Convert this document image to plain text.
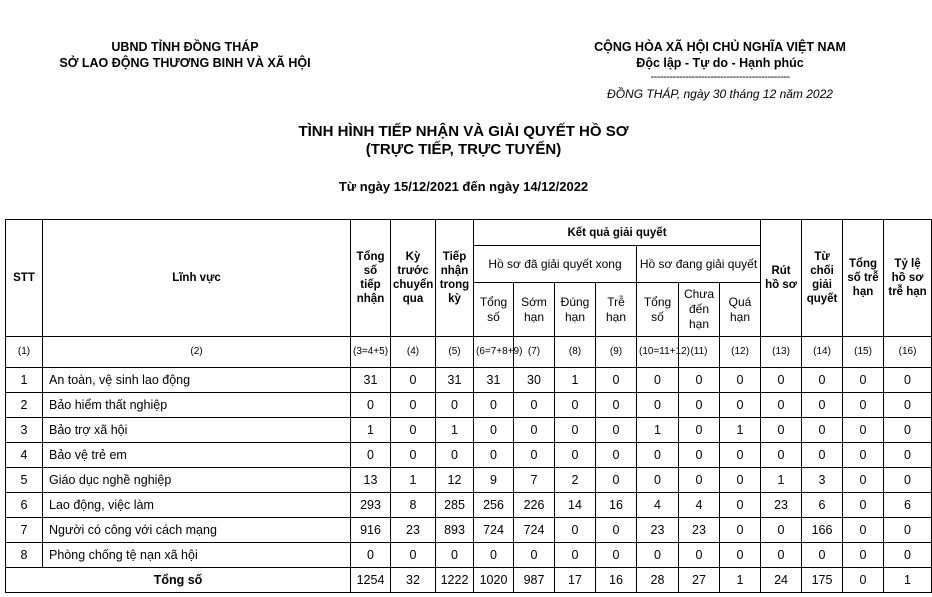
UBND TỈNH ĐỒNG THÁP
SỞ LAO ĐỘNG THƯƠNG BINH VÀ XÃ HỘI
CỘNG HÒA XÃ HỘI CHỦ NGHĨA VIỆT NAM
Độc lập - Tự do - Hạnh phúc
--------------------------------------------
ĐỒNG THÁP, ngày 30 tháng 12 năm 2022
TÌNH HÌNH TIẾP NHẬN VÀ GIẢI QUYẾT HỒ SƠ
(TRỰC TIẾP, TRỰC TUYẾN)
Từ ngày 15/12/2021 đến ngày 14/12/2022
STT	Lĩnh vực	Tổng số tiếp nhận	Kỳ trước chuyển qua	Tiếp nhận trong kỳ	Kết quả giải quyết							Rút hồ sơ	Từ chối giải quyết	Tổng số trễ hạn	Tỷ lệ hồ sơ trễ hạn
					Hồ sơ đã giải quyết xong				Hồ sơ đang giải quyết						
					Tổng số	Sớm hạn	Đúng hạn	Trễ hạn	Tổng số	Chưa đến hạn	Quá hạn				
(1)	(2)	(3=4+5)	(4)	(5)	(6=7+8+9)	(7)	(8)	(9)	(10=11+12)	(11)	(12)	(13)	(14)	(15)	(16)
1	An toàn, vệ sinh lao động	31	0	31	31	30	1	0	0	0	0	0	0	0	0
2	Bảo hiểm thất nghiệp	0	0	0	0	0	0	0	0	0	0	0	0	0	0
3	Bảo trợ xã hội	1	0	1	0	0	0	0	1	0	1	0	0	0	0
4	Bảo vệ trẻ em	0	0	0	0	0	0	0	0	0	0	0	0	0	0
5	Giáo dục nghề nghiệp	13	1	12	9	7	2	0	0	0	0	1	3	0	0
6	Lao động, việc làm	293	8	285	256	226	14	16	4	4	0	23	6	0	6
7	Người có công với cách mạng	916	23	893	724	724	0	0	23	23	0	0	166	0	0
8	Phòng chống tệ nạn xã hội	0	0	0	0	0	0	0	0	0	0	0	0	0	0
Tổng số		1254	32	1222	1020	987	17	16	28	27	1	24	175	0	1
